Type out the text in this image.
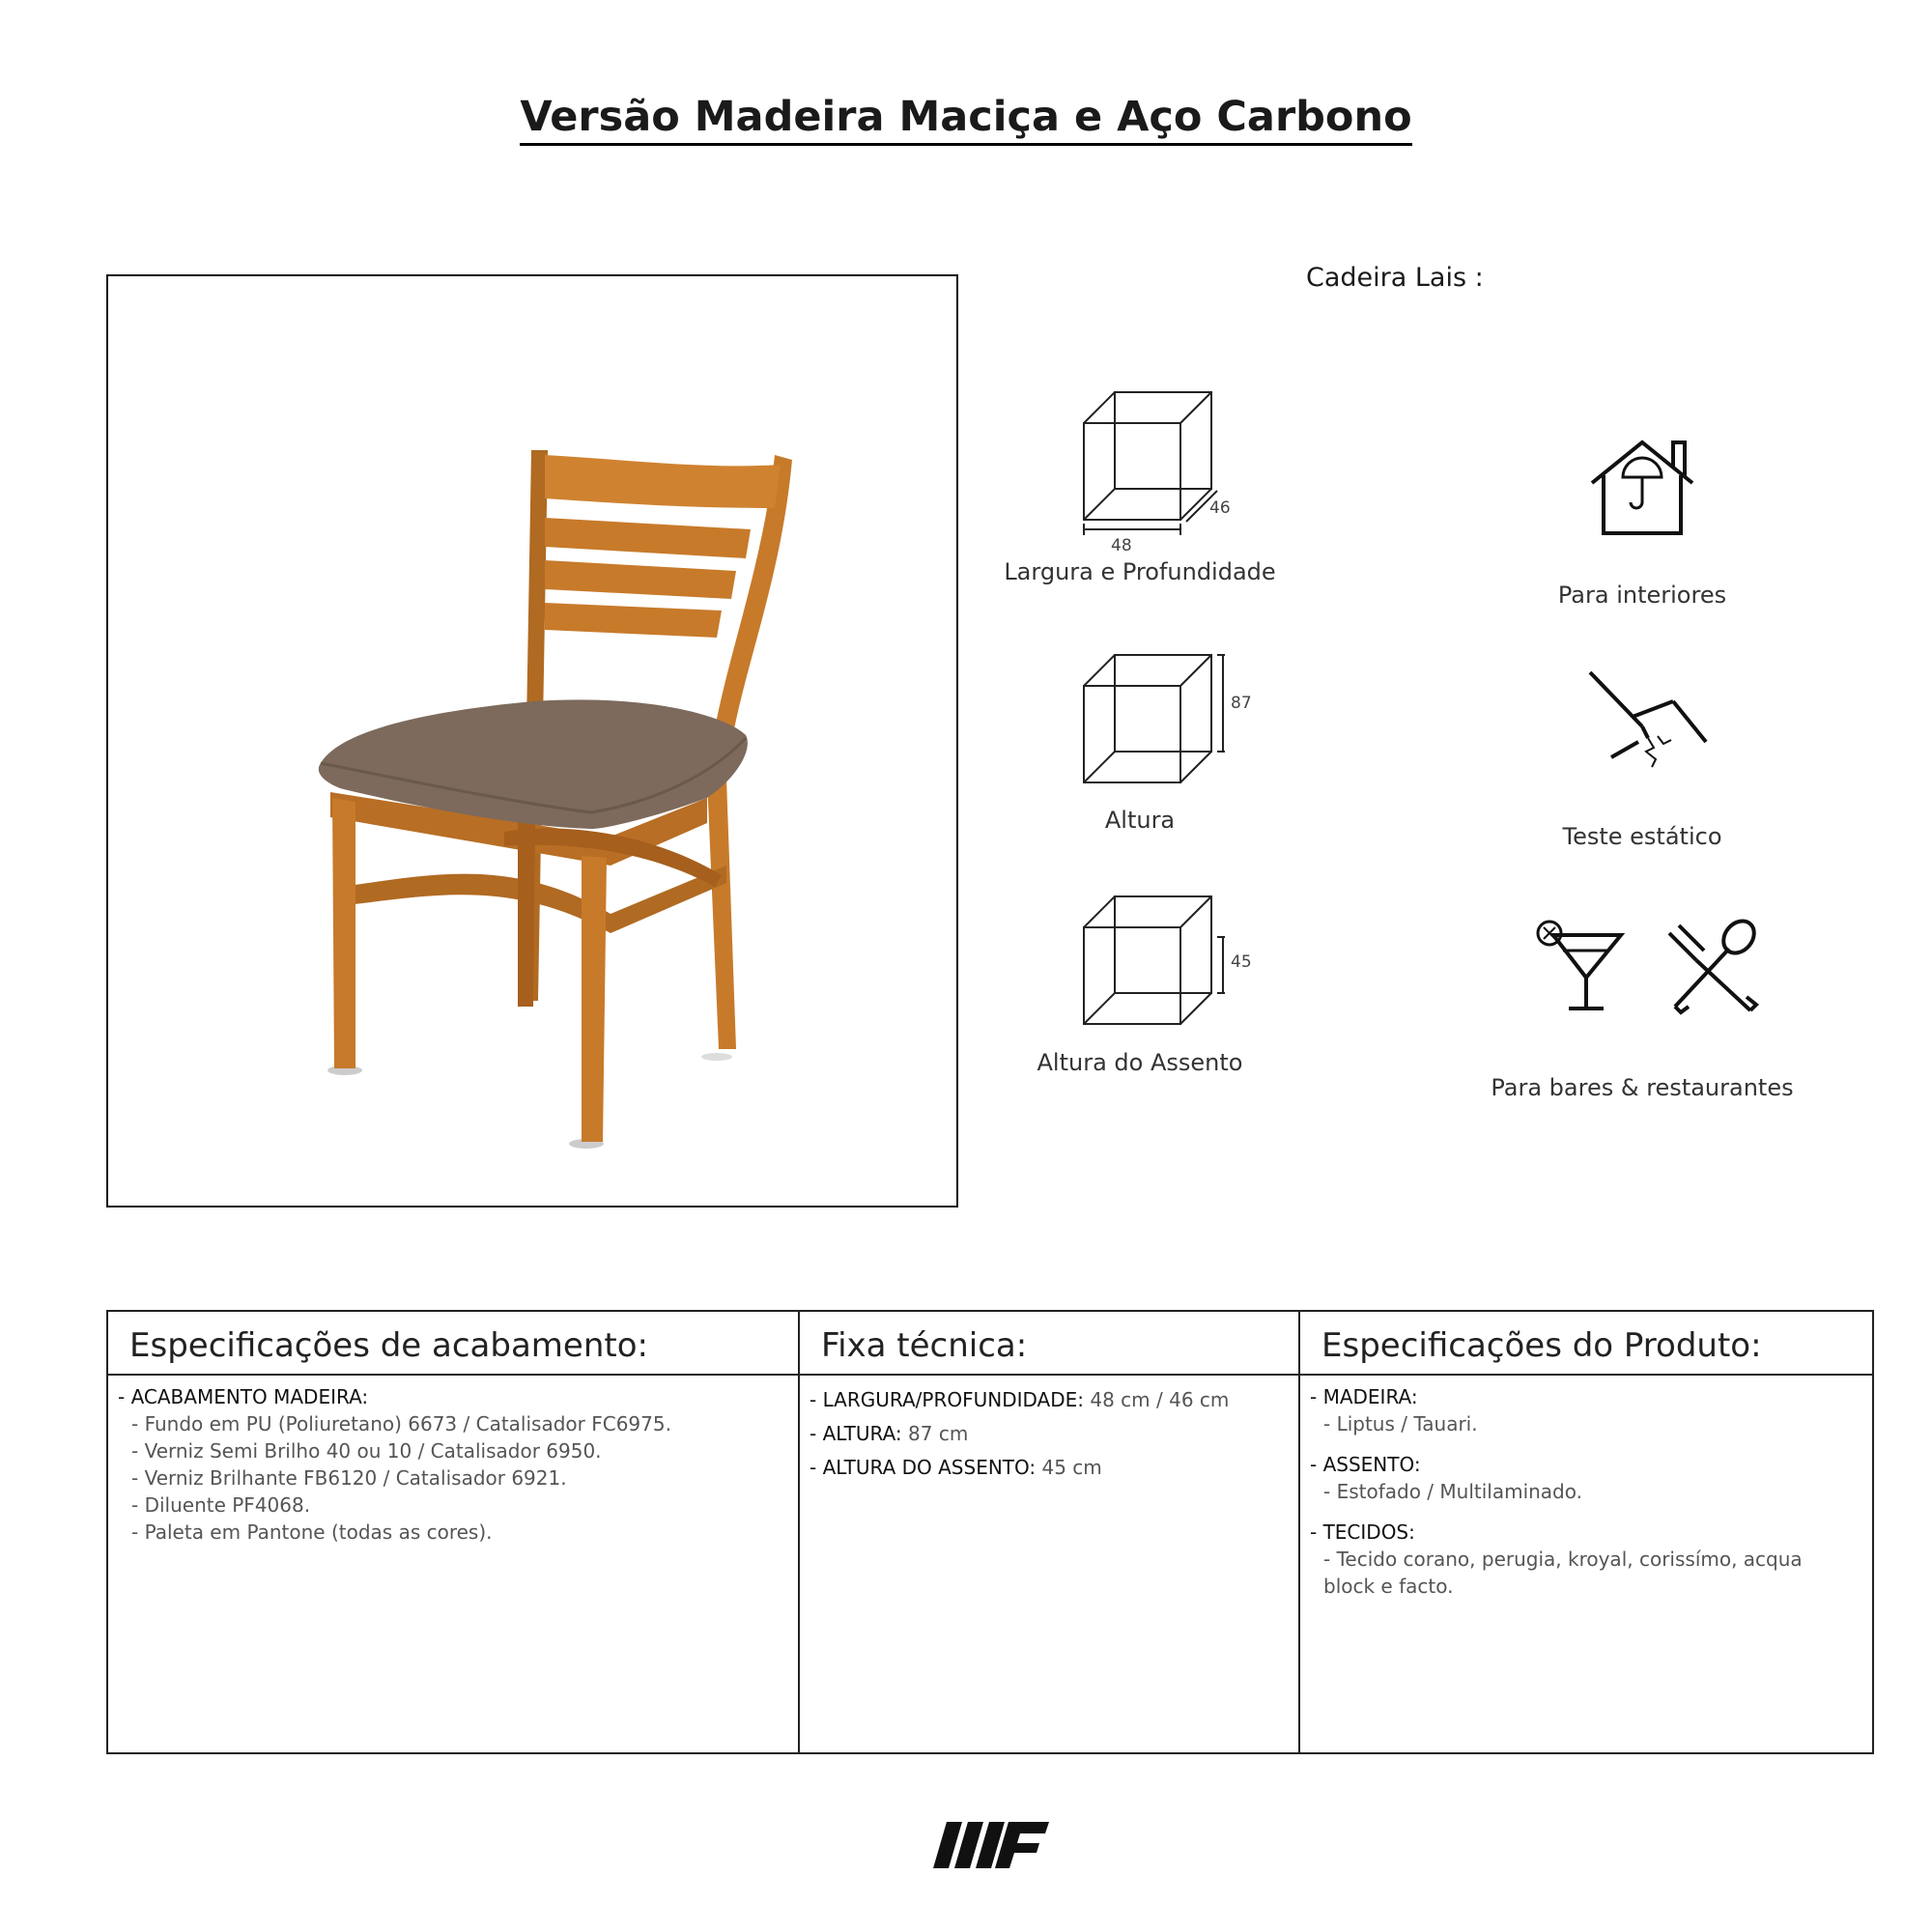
Versão Madeira Maciça e Aço Carbono
Cadeira Lais :
48
46
Largura e Profundidade
87
Altura
45
Altura do Assento
Para interiores
Teste estático
Para bares & restaurantes
Especificações de acabamento:
- ACABAMENTO MADEIRA:
- Fundo em PU (Poliuretano) 6673 / Catalisador FC6975.
- Verniz Semi Brilho 40 ou 10 / Catalisador 6950.
- Verniz Brilhante FB6120 / Catalisador 6921.
- Diluente PF4068.
- Paleta em Pantone (todas as cores).
Fixa técnica:
- LARGURA/PROFUNDIDADE: 48 cm / 46 cm
- ALTURA: 87 cm
- ALTURA DO ASSENTO: 45 cm
Especificações do Produto:
- MADEIRA:
- Liptus / Tauari.
- ASSENTO:
- Estofado / Multilaminado.
- TECIDOS:
- Tecido corano, perugia, kroyal, corissímo, acqua block e facto.
